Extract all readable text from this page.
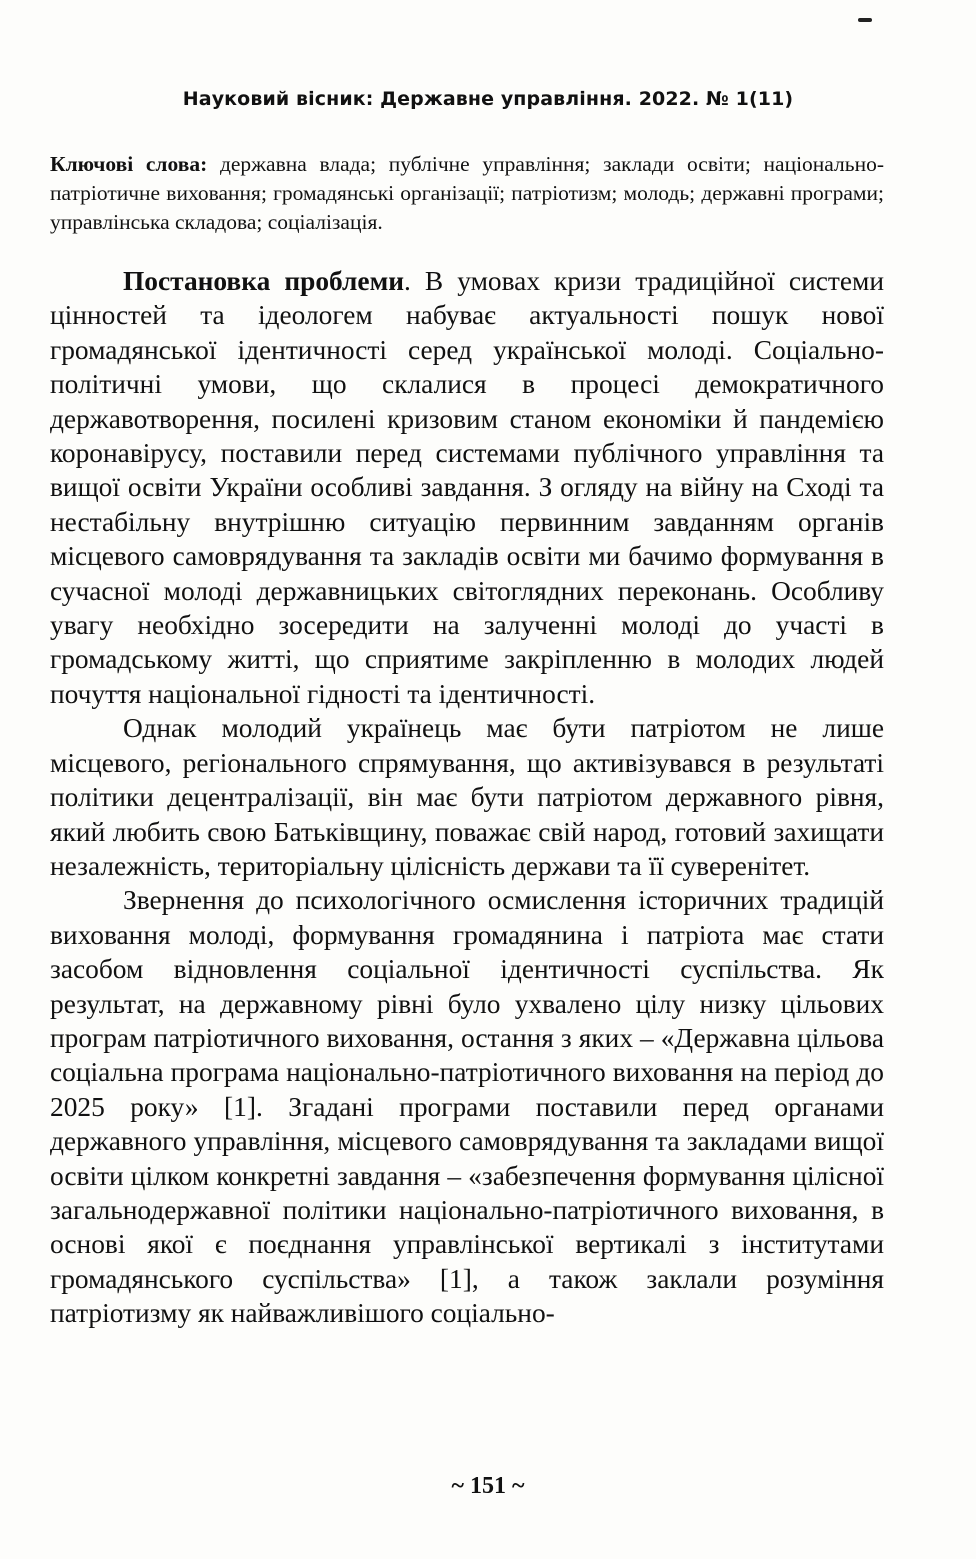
Науковий вісник: Державне управління. 2022. № 1(11)
Ключові слова: державна влада; публічне управління; заклади освіти; національно-патріотичне виховання; громадянські організації; патріотизм; молодь; державні програми; управлінська складова; соціалізація.

Постановка проблеми. В умовах кризи традиційної системи цінностей та ідеологем набуває актуальності пошук нової громадянської ідентичності серед української молоді. Соціально-політичні умови, що склалися в процесі демократичного державотворення, посилені кризовим станом економіки й пандемією коронавірусу, поставили перед системами публічного управління та вищої освіти України особливі завдання. З огляду на війну на Сході та нестабільну внутрішню ситуацію первинним завданням органів місцевого самоврядування та закладів освіти ми бачимо формування в сучасної молоді державницьких світоглядних переконань. Особливу увагу необхідно зосередити на залученні молоді до участі в громадському житті, що сприятиме закріпленню в молодих людей почуття національної гідності та ідентичності.

Однак молодий українець має бути патріотом не лише місцевого, регіонального спрямування, що активізувався в результаті політики децентралізації, він має бути патріотом державного рівня, який любить свою Батьківщину, поважає свій народ, готовий захищати незалежність, територіальну цілісність держави та її суверенітет.

Звернення до психологічного осмислення історичних традицій виховання молоді, формування громадянина і патріота має стати засобом відновлення соціальної ідентичності суспільства. Як результат, на державному рівні було ухвалено цілу низку цільових програм патріотичного виховання, остання з яких – «Державна цільова соціальна програма національно-патріотичного виховання на період до 2025 року» [1]. Згадані програми поставили перед органами державного управління, місцевого самоврядування та закладами вищої освіти цілком конкретні завдання – «забезпечення формування цілісної загальнодержавної політики національно-патріотичного виховання, в основі якої є поєднання управлінської вертикалі з інститутами громадянського суспільства» [1], а також заклали розуміння патріотизму як найважливішого соціально-

~ 151 ~
